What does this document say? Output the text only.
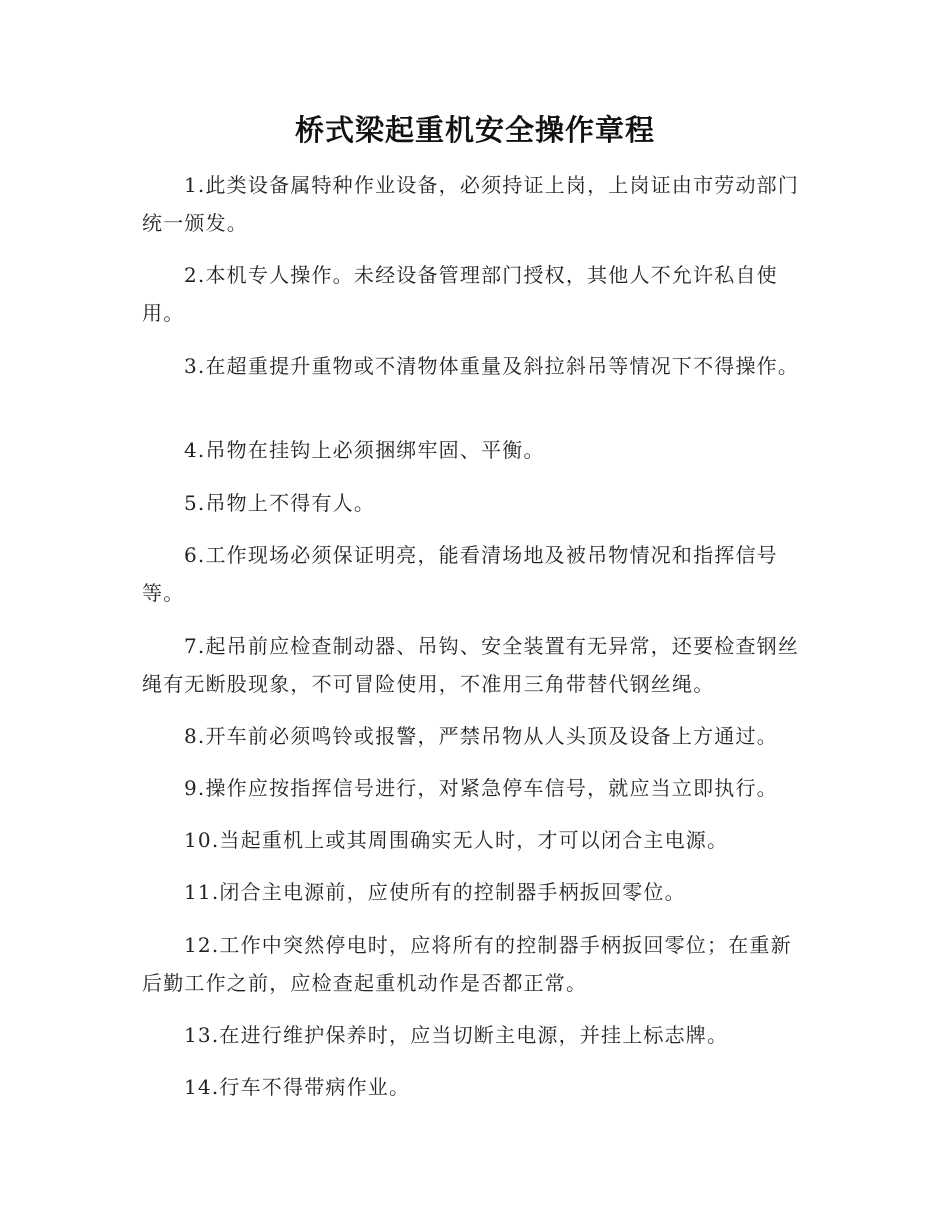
桥式梁起重机安全操作章程

1.此类设备属特种作业设备，必须持证上岗，上岗证由市劳动部门统一颁发。

2.本机专人操作。未经设备管理部门授权，其他人不允许私自使用。

3.在超重提升重物或不清物体重量及斜拉斜吊等情况下不得操作。

4.吊物在挂钩上必须捆绑牢固、平衡。

5.吊物上不得有人。

6.工作现场必须保证明亮，能看清场地及被吊物情况和指挥信号等。

7.起吊前应检查制动器、吊钩、安全装置有无异常，还要检查钢丝绳有无断股现象，不可冒险使用，不准用三角带替代钢丝绳。

8.开车前必须鸣铃或报警，严禁吊物从人头顶及设备上方通过。

9.操作应按指挥信号进行，对紧急停车信号，就应当立即执行。

10.当起重机上或其周围确实无人时，才可以闭合主电源。

11.闭合主电源前，应使所有的控制器手柄扳回零位。

12.工作中突然停电时，应将所有的控制器手柄扳回零位；在重新后勤工作之前，应检查起重机动作是否都正常。

13.在进行维护保养时，应当切断主电源，并挂上标志牌。

14.行车不得带病作业。
